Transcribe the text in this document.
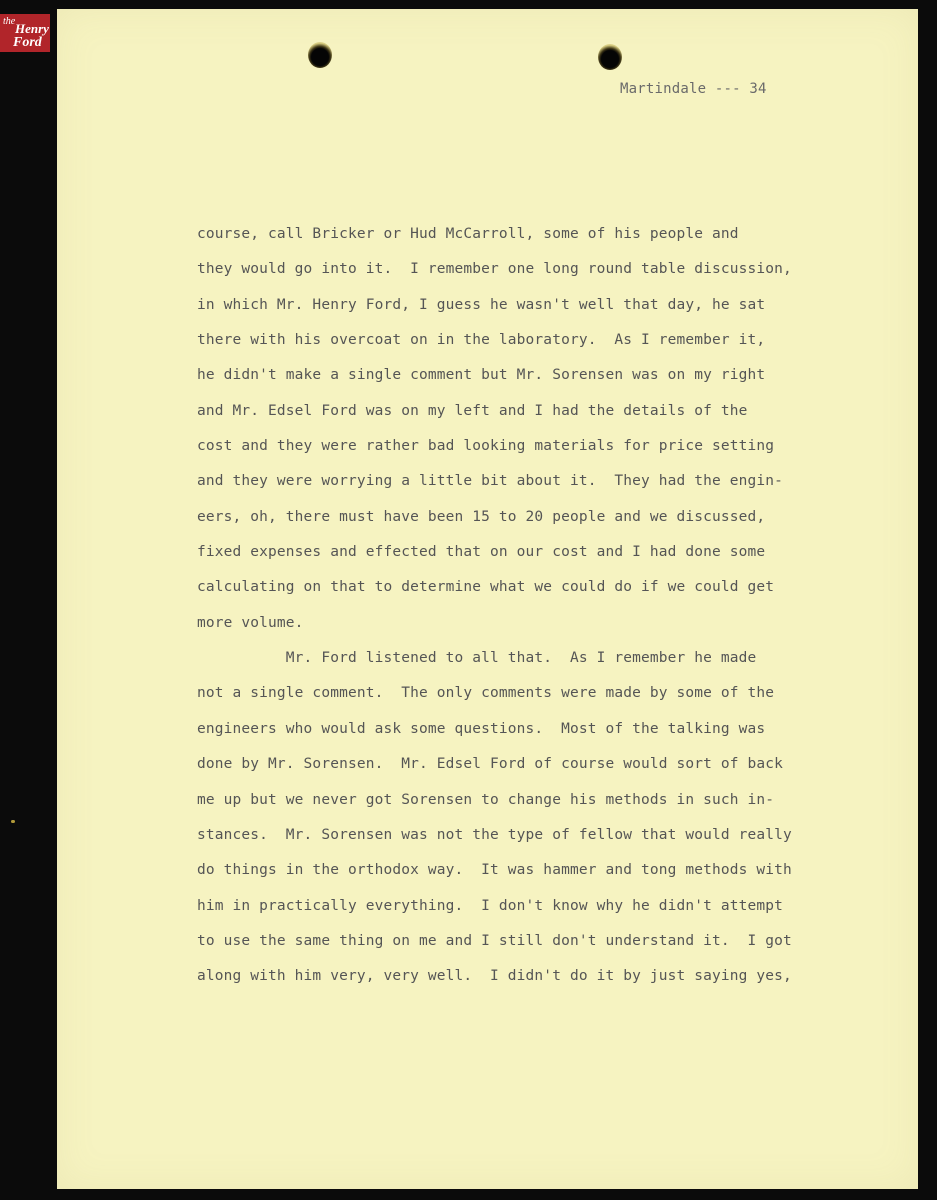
the Henry
Ford
Martindale --- 34
course, call Bricker or Hud McCarroll, some of his people and
they would go into it.  I remember one long round table discussion,
in which Mr. Henry Ford, I guess he wasn't well that day, he sat
there with his overcoat on in the laboratory.  As I remember it,
he didn't make a single comment but Mr. Sorensen was on my right
and Mr. Edsel Ford was on my left and I had the details of the
cost and they were rather bad looking materials for price setting
and they were worrying a little bit about it.  They had the engin-
eers, oh, there must have been 15 to 20 people and we discussed,
fixed expenses and effected that on our cost and I had done some
calculating on that to determine what we could do if we could get
more volume.
Mr. Ford listened to all that.  As I remember he made
not a single comment.  The only comments were made by some of the
engineers who would ask some questions.  Most of the talking was
done by Mr. Sorensen.  Mr. Edsel Ford of course would sort of back
me up but we never got Sorensen to change his methods in such in-
stances.  Mr. Sorensen was not the type of fellow that would really
do things in the orthodox way.  It was hammer and tong methods with
him in practically everything.  I don't know why he didn't attempt
to use the same thing on me and I still don't understand it.  I got
along with him very, very well.  I didn't do it by just saying yes,
